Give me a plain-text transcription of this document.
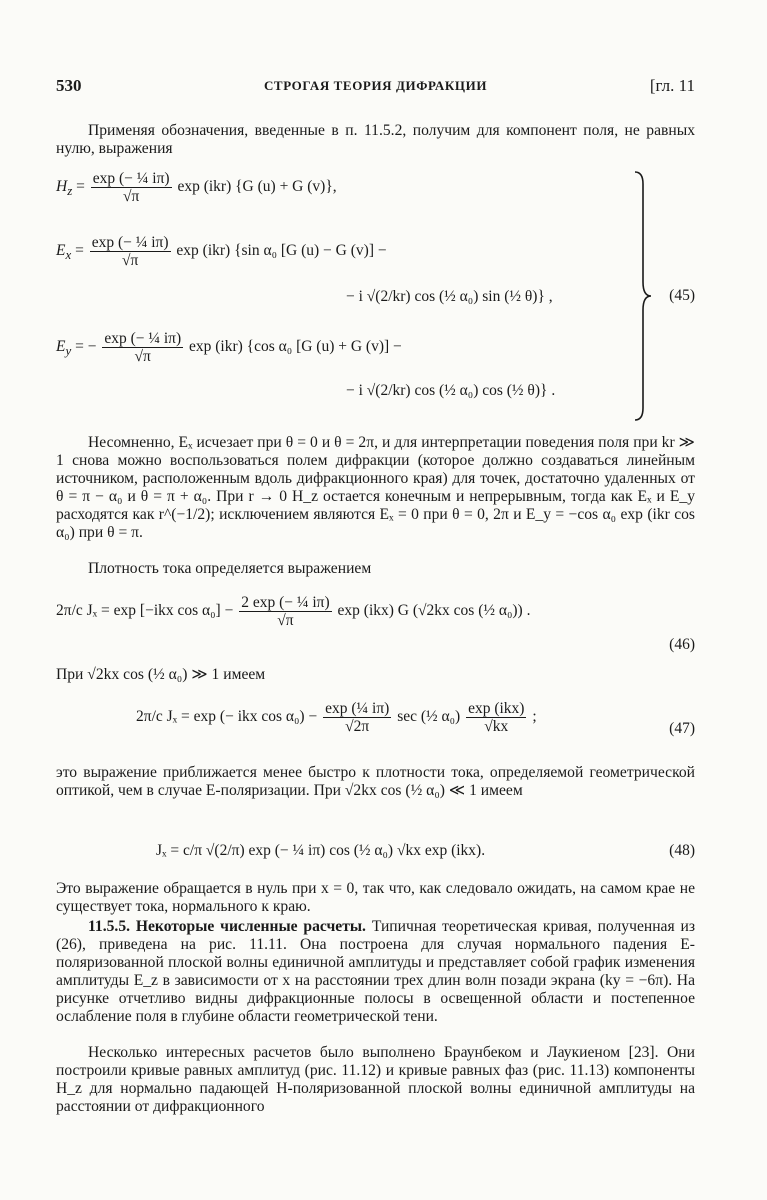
530	СТРОГАЯ ТЕОРИЯ ДИФРАКЦИИ	[гл. 11

Применяя обозначения, введенные в п. 11.5.2, получим для компонент поля, не равных нулю, выражения

$H_z = \frac{\text{exp (− ¼ iπ)}}{√\pi}$ exp (ikr) {G (u) + G (v)},
$E_x = \frac{\text{exp (− ¼ iπ)}}{√\pi}$ exp (ikr) {sin α₀ [G (u) − G (v)] −
− i √(2/kr) cos (½ α₀) sin (½ θ)} ,
$E_y$ = − $\frac{\text{exp (− ¼ iπ)}}{√\pi}$ exp (ikr) {cos α₀ [G (u) + G (v)] −
− i √(2/kr) cos (½ α₀) cos (½ θ)} .
(45)

Несомненно, Eₓ исчезает при θ = 0 и θ = 2π, и для интерпретации поведения поля при kr ≫ 1 снова можно воспользоваться полем дифракции (которое должно создаваться линейным источником, расположенным вдоль дифракционного края) для точек, достаточно удаленных от θ = π − α₀ и θ = π + α₀. При r → 0 H_z остается конечным и непрерывным, тогда как Eₓ и E_y расходятся как r^(−1/2); исключением являются Eₓ = 0 при θ = 0, 2π и E_y = −cos α₀ exp (ikr cos α₀) при θ = π.

Плотность тока определяется выражением

2π/c Jₓ = exp [−ikx $\cos \alpha_0] - \frac{\text{2 exp (− ¼ iπ)}}{√\pi}$ exp (ikx) G (√2kx cos (½ α₀)) .
(46)

При √2kx cos (½ α₀) ≫ 1 имеем

2π/c Jₓ = exp (− ikx $\cos \alpha_0) - \frac{\text{exp (¼ iπ)}}{√2\pi}$ sec (½ $\alpha_0) \frac{\text{exp (ikx)}}{√kx}$ ;
(47)

это выражение приближается менее быстро к плотности тока, определяемой геометрической оптикой, чем в случае E-поляризации. При √2kx cos (½ α₀) ≪ 1 имеем

Jₓ = c/π √(2/π) exp (− ¼ iπ) cos (½ α₀) √kx exp (ikx).	(48)

Это выражение обращается в нуль при x = 0, так что, как следовало ожидать, на самом крае не существует тока, нормального к краю.

11.5.5. Некоторые численные расчеты. Типичная теоретическая кривая, полученная из (26), приведена на рис. 11.11. Она построена для случая нормального падения E-поляризованной плоской волны единичной амплитуды и представляет собой график изменения амплитуды E_z в зависимости от x на расстоянии трех длин волн позади экрана (ky = −6π). На рисунке отчетливо видны дифракционные полосы в освещенной области и постепенное ослабление поля в глубине области геометрической тени.

Несколько интересных расчетов было выполнено Браунбеком и Лаукиеном [23]. Они построили кривые равных амплитуд (рис. 11.12) и кривые равных фаз (рис. 11.13) компоненты H_z для нормально падающей H-поляризованной плоской волны единичной амплитуды на расстоянии от дифракционного
